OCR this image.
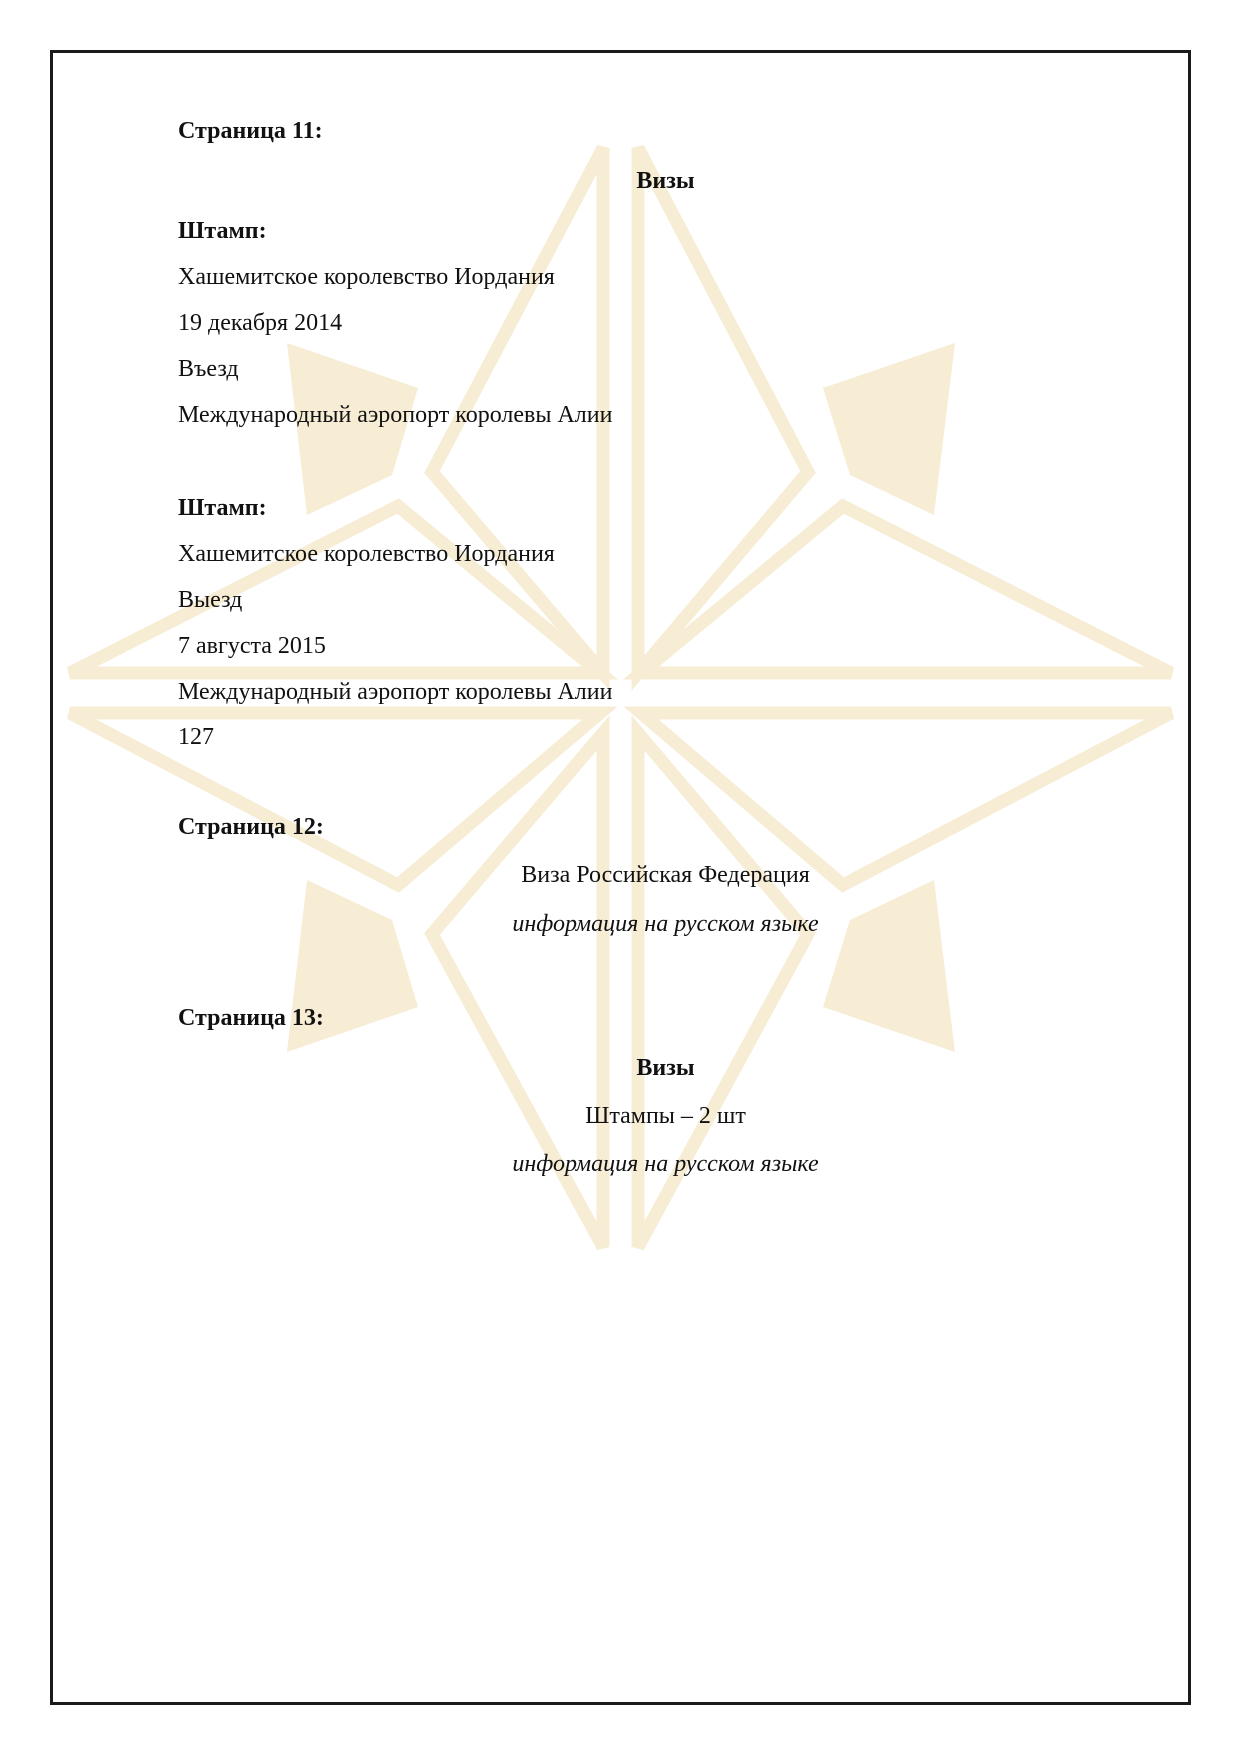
Страница 11:
Визы
Штамп:
Хашемитское королевство Иордания
19 декабря 2014
Въезд
Международный аэропорт королевы Алии
Штамп:
Хашемитское королевство Иордания
Выезд
7 августа 2015
Международный аэропорт королевы Алии
127
Страница 12:
Виза Российская Федерация
информация на русском языке
Страница 13:
Визы
Штампы – 2 шт
информация на русском языке
